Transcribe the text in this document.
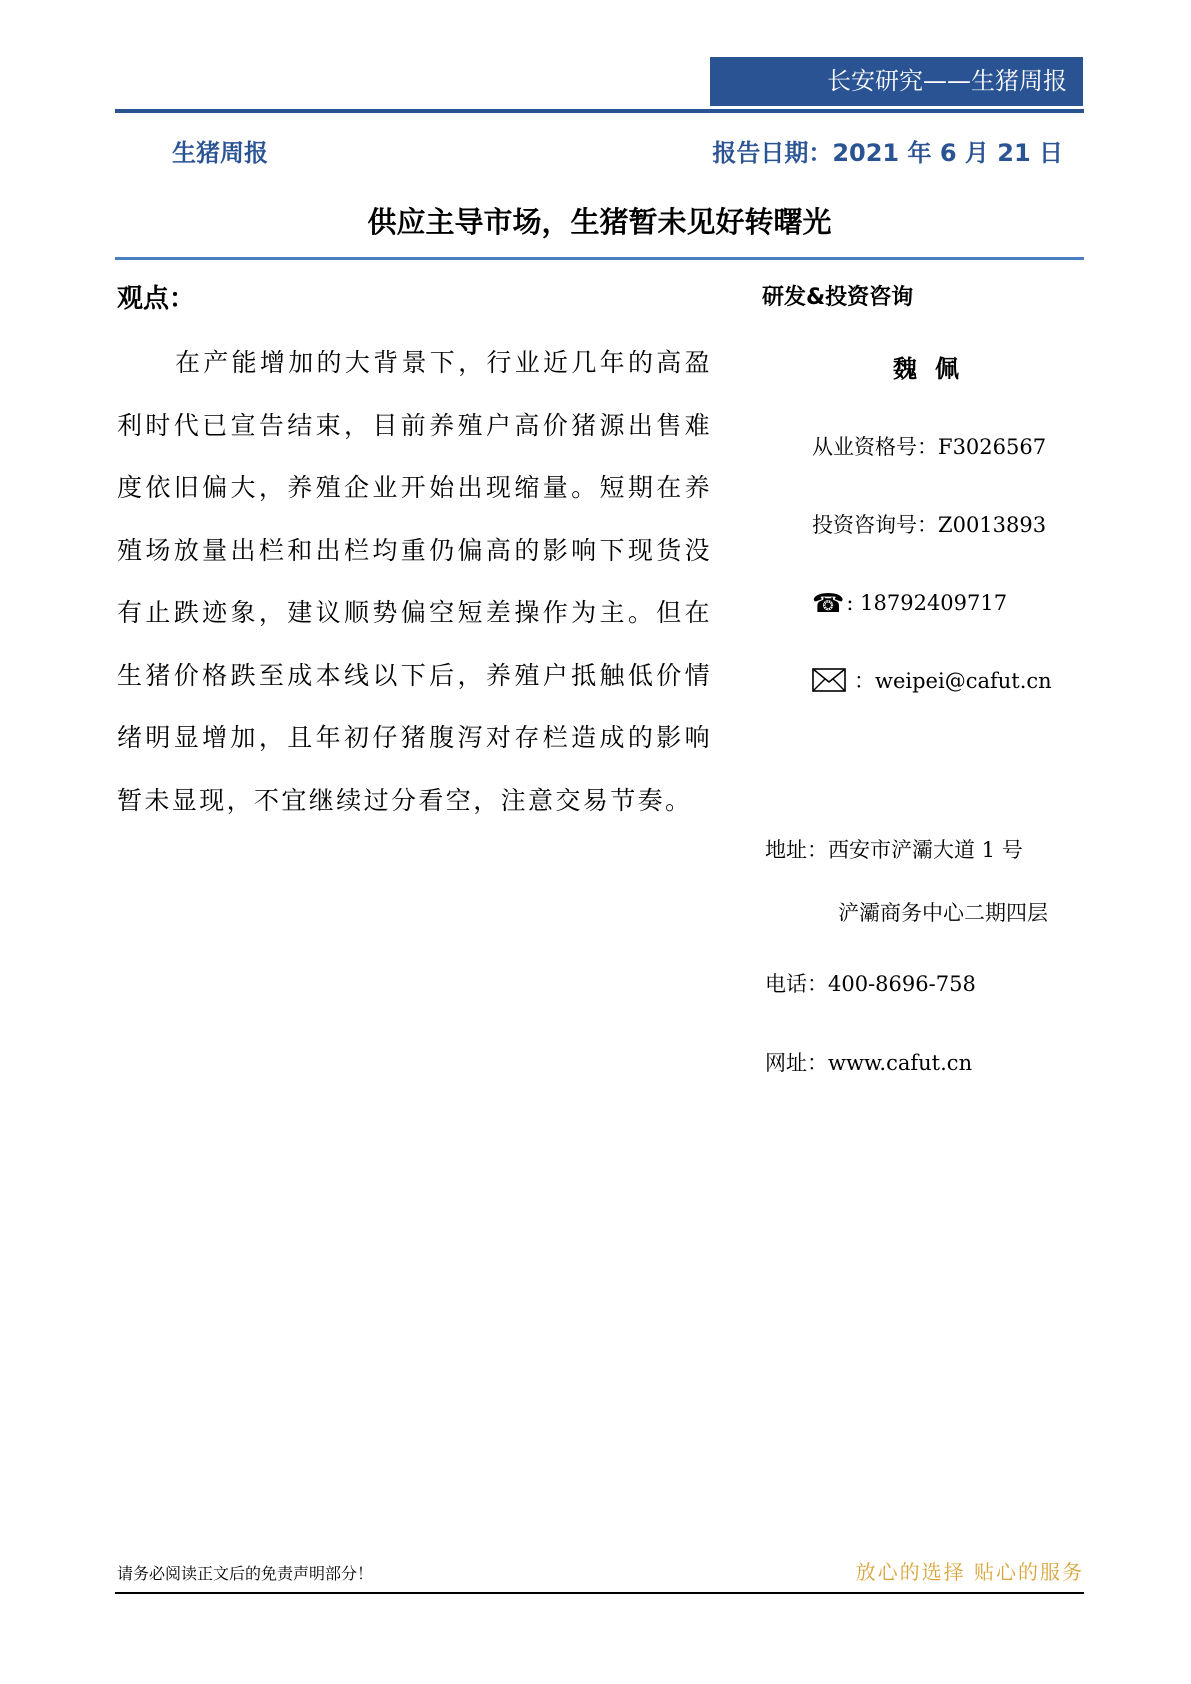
长安研究——生猪周报
生猪周报	报告日期：2021 年 6 月 21 日
供应主导市场，生猪暂未见好转曙光
观点：

在产能增加的大背景下，行业近几年的高盈利时代已宣告结束，目前养殖户高价猪源出售难度依旧偏大，养殖企业开始出现缩量。短期在养殖场放量出栏和出栏均重仍偏高的影响下现货没有止跌迹象，建议顺势偏空短差操作为主。但在生猪价格跌至成本线以下后，养殖户抵触低价情绪明显增加，且年初仔猪腹泻对存栏造成的影响暂未显现，不宜继续过分看空，注意交易节奏。

研发&投资咨询
魏佩
从业资格号：F3026567
投资咨询号：Z0013893
☎: 18792409717
：weipei@cafut.cn
地址：西安市浐灞大道 1 号
浐灞商务中心二期四层
电话：400-8696-758
网址：www.cafut.cn
请务必阅读正文后的免责声明部分！	放心的选择 贴心的服务
